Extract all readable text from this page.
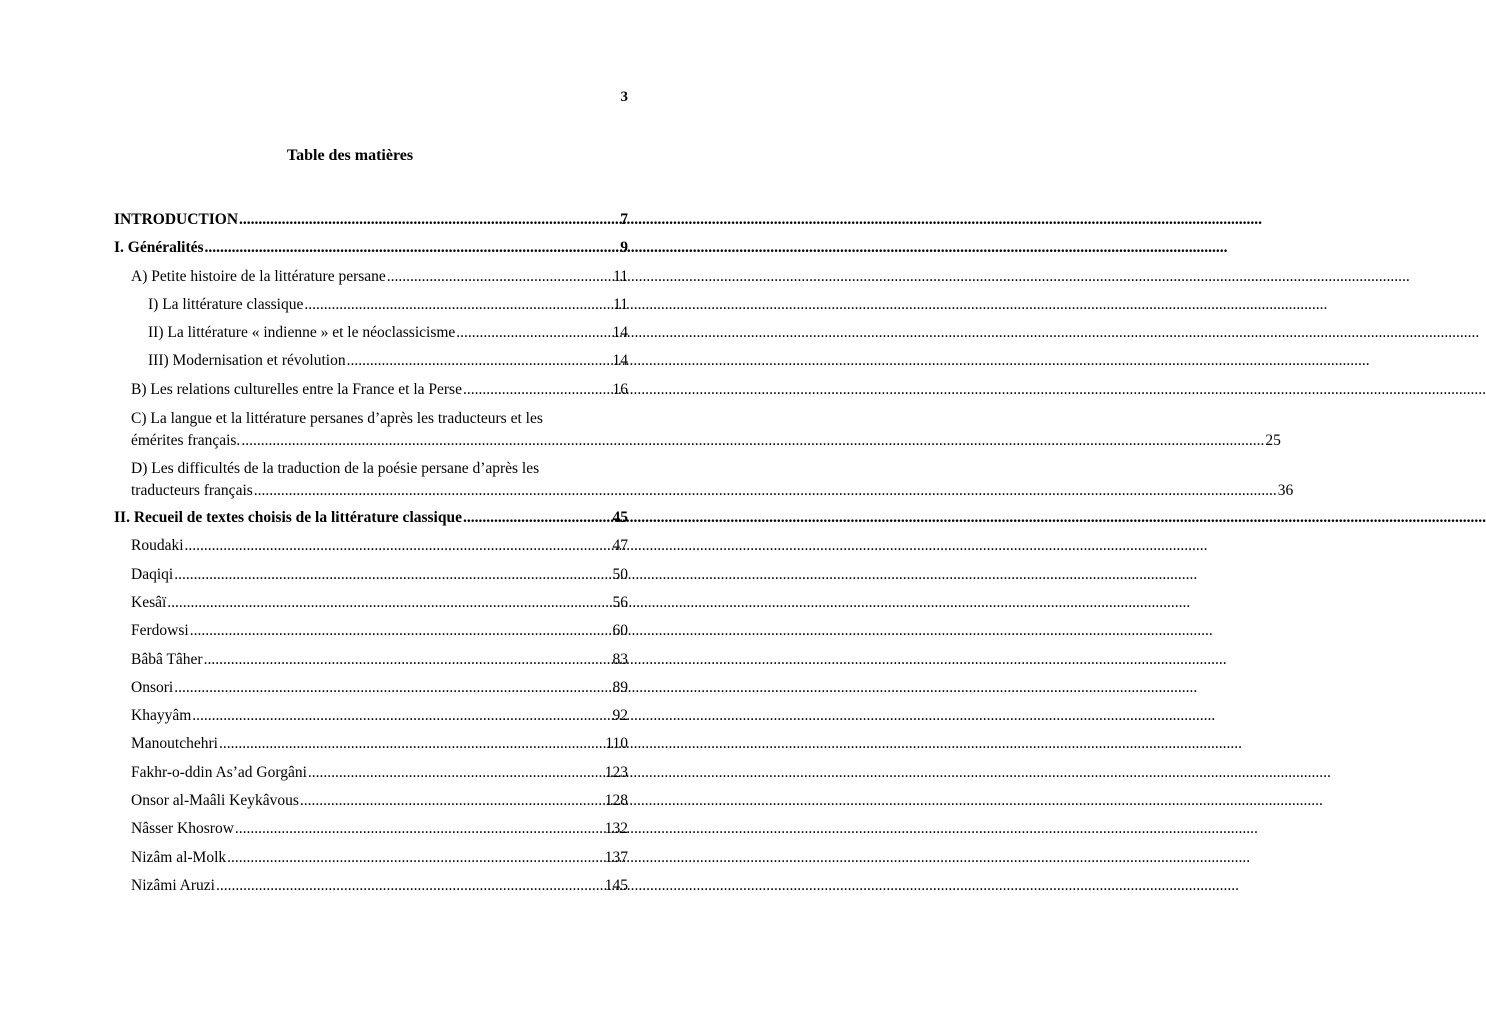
3
Table des matières
INTRODUCTION .....	7
I. Généralités .....	9
A) Petite histoire de la littérature persane .....	11
I) La littérature classique .....	11
II) La littérature « indienne » et le néoclassicisme .....	14
III) Modernisation et révolution .....	14
B) Les relations culturelles entre la France et la Perse .....	16
C) La langue et la littérature persanes d’après les traducteurs et les
émérites français. .....	25
D) Les difficultés de la traduction de la poésie persane d’après les
traducteurs français .....	36
II. Recueil de textes choisis de la littérature classique .....	45
Roudaki .....	47
Daqiqi .....	50
Kesâï .....	56
Ferdowsi .....	60
Bâbâ Tâher .....	83
Onsori .....	89
Khayyâm .....	92
Manoutchehri .....	110
Fakhr-o-ddin As’ad Gorgâni .....	123
Onsor al-Maâli Keykâvous .....	128
Nâsser Khosrow .....	132
Nizâm al-Molk .....	137
Nizâmi Aruzi .....	145
